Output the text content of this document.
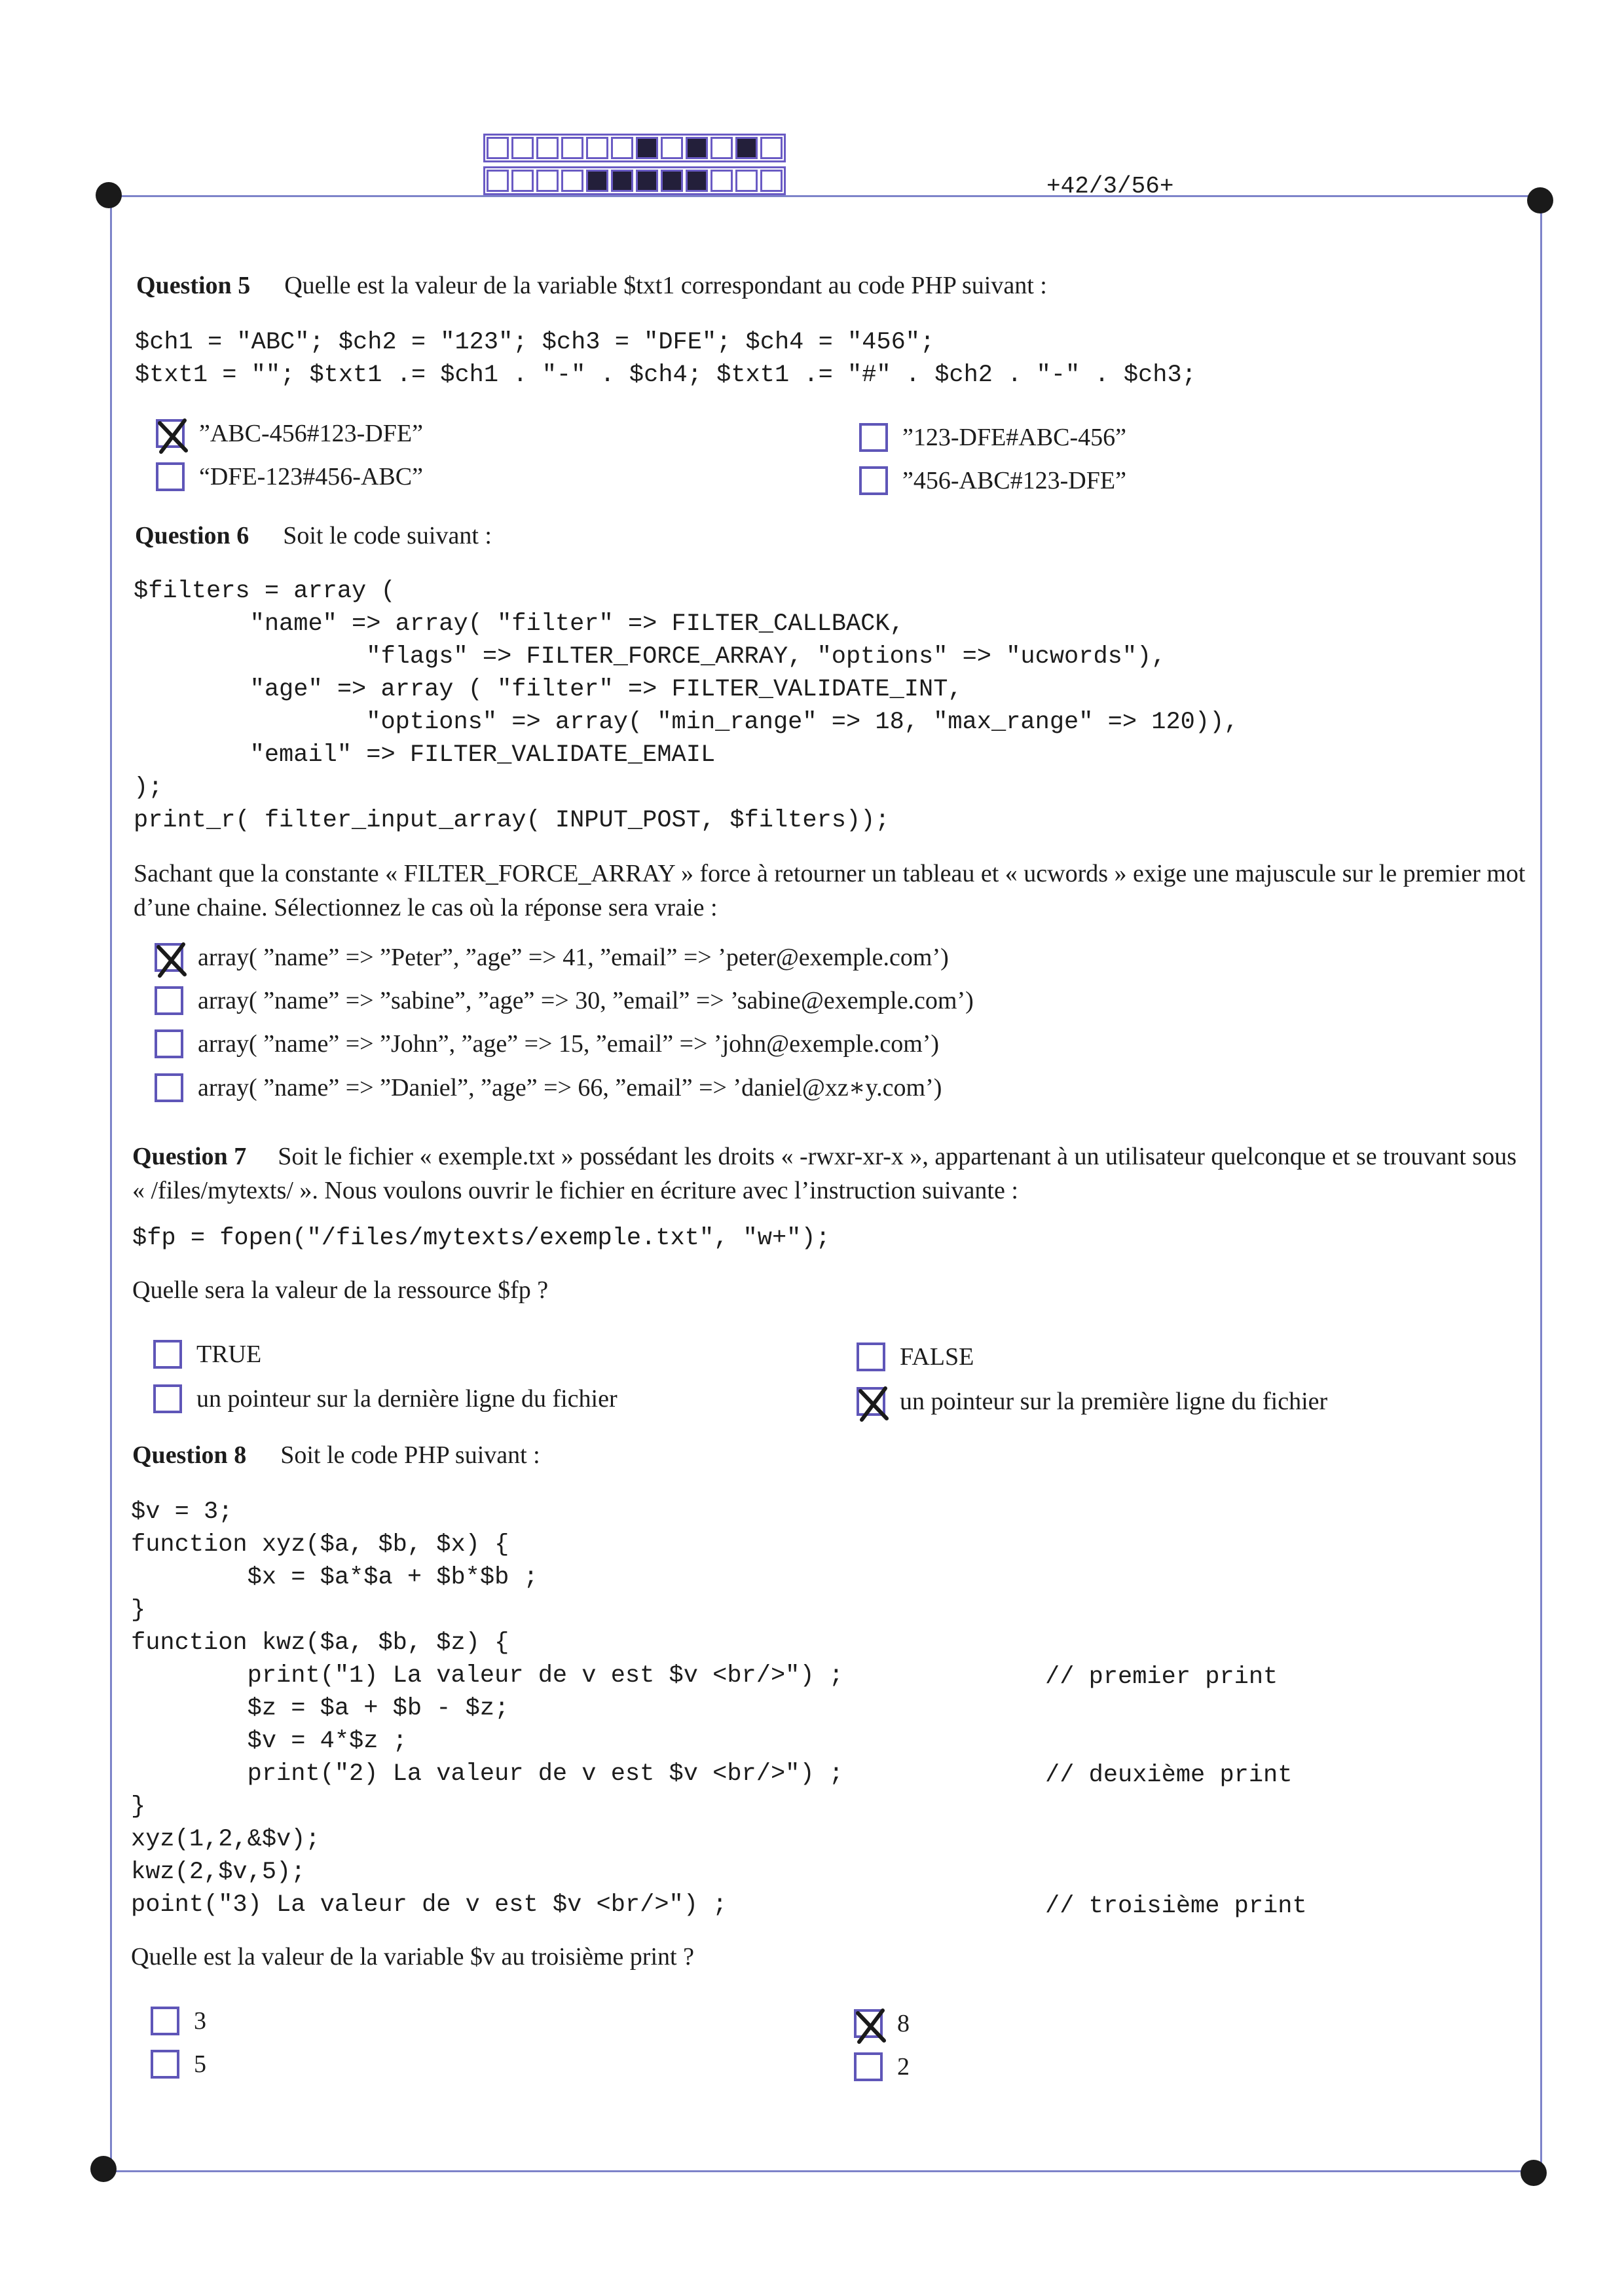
+42/3/56+
Question 5 Quelle est la valeur de la variable $txt1 correspondant au code PHP suivant :
$ch1 = "ABC"; $ch2 = "123"; $ch3 = "DFE"; $ch4 = "456";
$txt1 = ""; $txt1 .= $ch1 . "-" . $ch4; $txt1 .= "#" . $ch2 . "-" . $ch3;
”ABC-456#123-DFE”
“DFE-123#456-ABC”
”123-DFE#ABC-456”
”456-ABC#123-DFE”
Question 6 Soit le code suivant :
$filters = array (
"name" => array( "filter" => FILTER_CALLBACK,
"flags" => FILTER_FORCE_ARRAY, "options" => "ucwords"),
"age" => array ( "filter" => FILTER_VALIDATE_INT,
"options" => array( "min_range" => 18, "max_range" => 120)),
"email" => FILTER_VALIDATE_EMAIL
);
print_r( filter_input_array( INPUT_POST, $filters));
Sachant que la constante « FILTER_FORCE_ARRAY » force à retourner un tableau et « ucwords » exige une majuscule sur le premier mot d’une chaine. Sélectionnez le cas où la réponse sera vraie :
array( ”name” => ”Peter”, ”age” => 41, ”email” => ’peter@exemple.com’)
array( ”name” => ”sabine”, ”age” => 30, ”email” => ’sabine@exemple.com’)
array( ”name” => ”John”, ”age” => 15, ”email” => ’john@exemple.com’)
array( ”name” => ”Daniel”, ”age” => 66, ”email” => ’daniel@xz∗y.com’)
Question 7 Soit le fichier « exemple.txt » possédant les droits « -rwxr-xr-x », appartenant à un utilisateur quelconque et se trouvant sous « /files/mytexts/ ». Nous voulons ouvrir le fichier en écriture avec l’instruction suivante :
$fp = fopen("/files/mytexts/exemple.txt", "w+");
Quelle sera la valeur de la ressource $fp ?
TRUE
un pointeur sur la dernière ligne du fichier
FALSE
un pointeur sur la première ligne du fichier
Question 8 Soit le code PHP suivant :
$v = 3;
function xyz($a, $b, $x) {
$x = $a*$a + $b*$b ;
}
function kwz($a, $b, $z) {
print("1) La valeur de v est $v <br/>") ;
$z = $a + $b - $z;
$v = 4*$z ;
print("2) La valeur de v est $v <br/>") ;
}
xyz(1,2,&$v);
kwz(2,$v,5);
point("3) La valeur de v est $v <br/>") ;
// premier print
// deuxième print
// troisième print
Quelle est la valeur de la variable $v au troisième print ?
3
5
8
2
